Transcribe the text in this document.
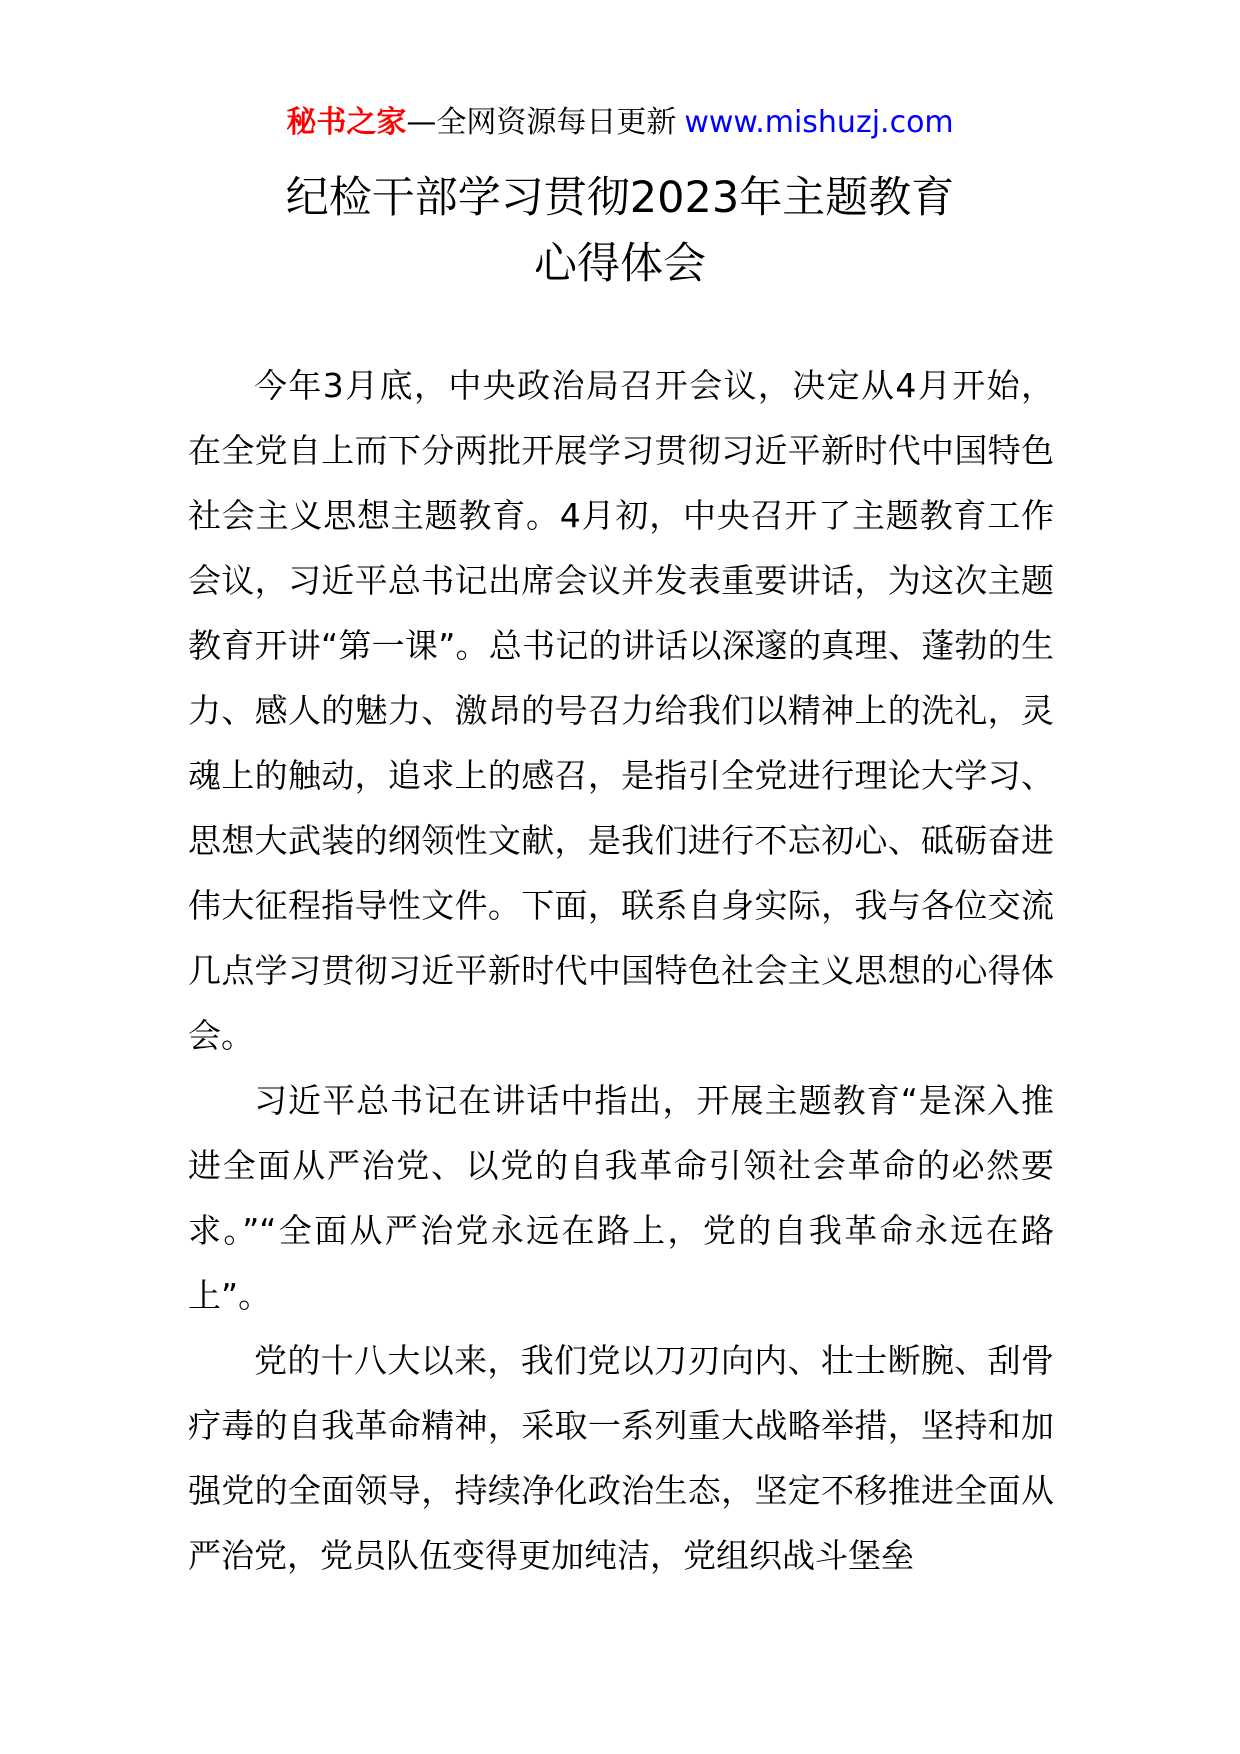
秘书之家—全网资源每日更新 www.mishuzj.com
纪检干部学习贯彻2023年主题教育
心得体会

今年3月底，中央政治局召开会议，决定从4月开始，在全党自上而下分两批开展学习贯彻习近平新时代中国特色社会主义思想主题教育。4月初，中央召开了主题教育工作会议，习近平总书记出席会议并发表重要讲话，为这次主题教育开讲“第一课”。总书记的讲话以深邃的真理、蓬勃的生力、感人的魅力、激昂的号召力给我们以精神上的洗礼，灵魂上的触动，追求上的感召，是指引全党进行理论大学习、思想大武装的纲领性文献，是我们进行不忘初心、砥砺奋进伟大征程指导性文件。下面，联系自身实际，我与各位交流几点学习贯彻习近平新时代中国特色社会主义思想的心得体会。

习近平总书记在讲话中指出，开展主题教育“是深入推进全面从严治党、以党的自我革命引领社会革命的必然要求。”“全面从严治党永远在路上，党的自我革命永远在路上”。

党的十八大以来，我们党以刀刃向内、壮士断腕、刮骨疗毒的自我革命精神，采取一系列重大战略举措，坚持和加强党的全面领导，持续净化政治生态，坚定不移推进全面从严治党，党员队伍变得更加纯洁，党组织战斗堡垒
